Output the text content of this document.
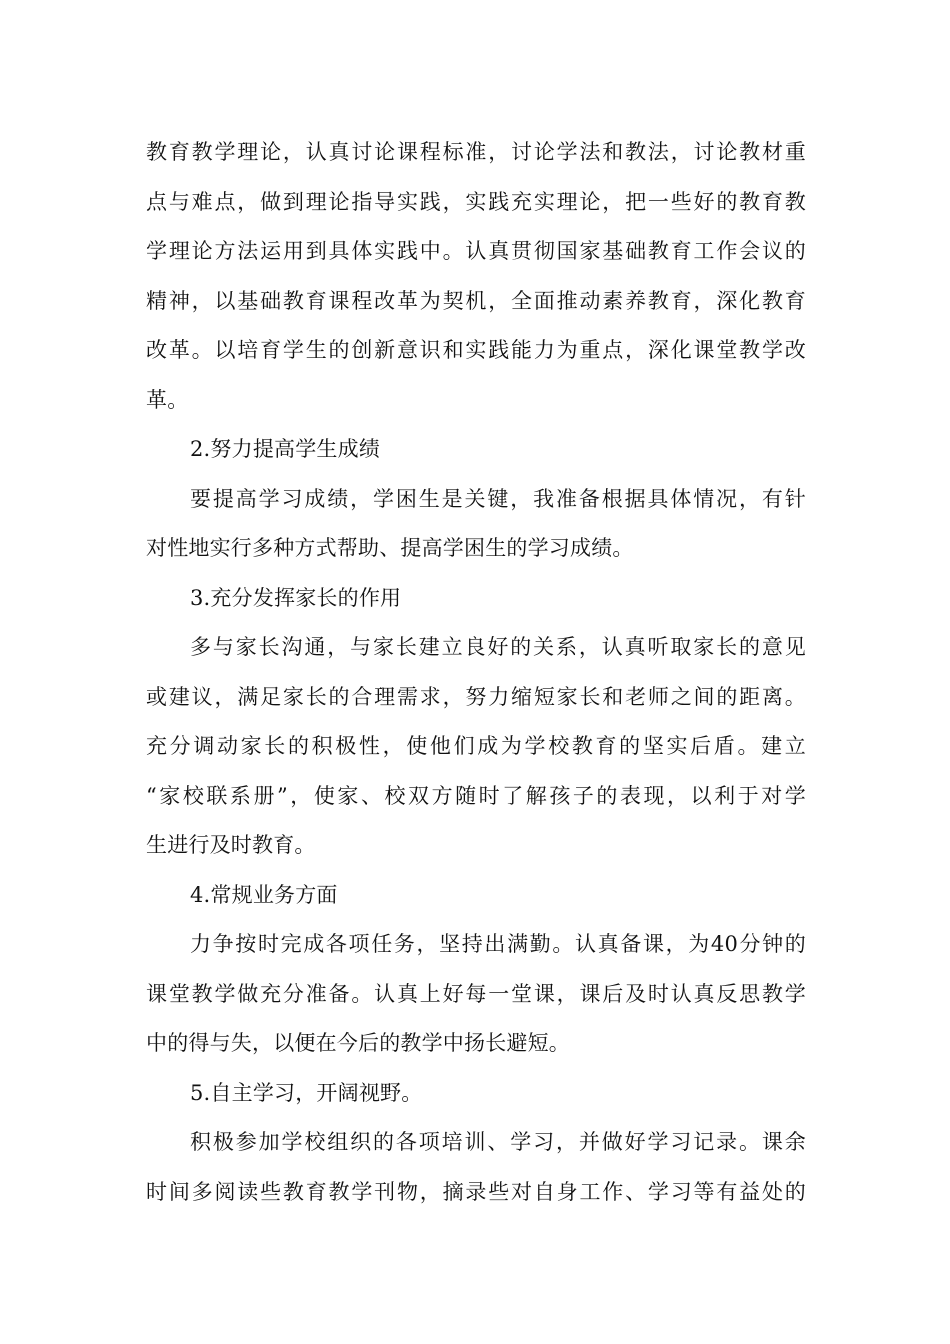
教育教学理论，认真讨论课程标准，讨论学法和教法，讨论教材重
点与难点，做到理论指导实践，实践充实理论，把一些好的教育教
学理论方法运用到具体实践中。认真贯彻国家基础教育工作会议的
精神，以基础教育课程改革为契机，全面推动素养教育，深化教育
改革。以培育学生的创新意识和实践能力为重点，深化课堂教学改
革。
2.努力提高学生成绩
要提高学习成绩，学困生是关键，我准备根据具体情况，有针
对性地实行多种方式帮助、提高学困生的学习成绩。
3.充分发挥家长的作用
多与家长沟通，与家长建立良好的关系，认真听取家长的意见
或建议，满足家长的合理需求，努力缩短家长和老师之间的距离。
充分调动家长的积极性，使他们成为学校教育的坚实后盾。建立
“家校联系册”，使家、校双方随时了解孩子的表现，以利于对学
生进行及时教育。
4.常规业务方面
力争按时完成各项任务，坚持出满勤。认真备课，为40分钟的
课堂教学做充分准备。认真上好每一堂课，课后及时认真反思教学
中的得与失，以便在今后的教学中扬长避短。
5.自主学习，开阔视野。
积极参加学校组织的各项培训、学习，并做好学习记录。课余
时间多阅读些教育教学刊物，摘录些对自身工作、学习等有益处的
